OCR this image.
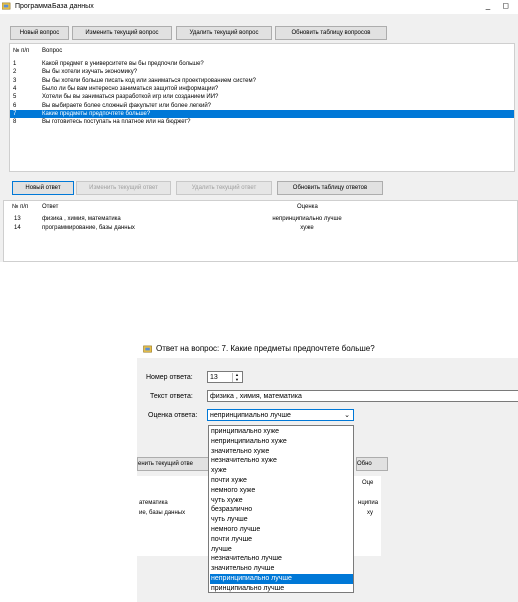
Программа База данных	_ ◻
Новый вопрос	Изменить текущий вопрос	Удалить текущий вопрос	Обновить таблицу вопросов
№ п/п Вопрос
1	Какой предмет в университете вы бы предпочли больше?
2	Вы бы хотели изучать экономику?
3	Вы бы хотели больше писать код или заниматься проектированием систем?
4	Было ли бы вам интересно заниматься защитой информации?
5	Хотели бы вы заниматься разработкой игр или созданием ИИ?
6	Вы выбираете более сложный факультет или более легкий?
7	Какие предметы предпочтете больше?
8	Вы готовитесь поступать на платное или на бюджет?
Новый ответ	Изменить текущий ответ	Удалить текущий ответ	Обновить таблицу ответов
№ п/п Ответ	Оценка
13	физика , химия, математика	непринципиально лучше
14	программирование, базы данных	хуже
Ответ на вопрос: 7. Какие предметы предпочтете больше?
Номер ответа:	13	▲
▼
Текст ответа:	физика , химия, математика
Оценка ответа:	непринципиально лучше	⌄
енить текущий отве	Обно
Оце
атематика	нципиа
ие, базы данных	ху
принципиально хуже
непринципиально хуже
значительно хуже
незначительно хуже
хуже
почти хуже
немного хуже
чуть хуже
безразлично
чуть лучше
немного лучше
почти лучше
лучше
незначительно лучше
значительно лучше
непринципиально лучше
принципиально лучше
